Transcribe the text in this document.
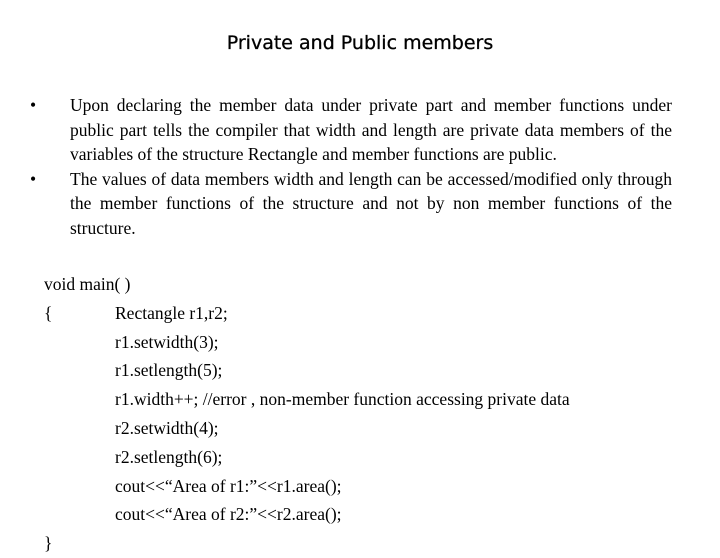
Private and Public members
•	Upon declaring the member data under private part and member functions under public part tells the compiler that width and length are private data members of the variables of the structure Rectangle and member functions are public.
•	The values of data members width and length can be accessed/modified only through the member functions of the structure and not by non member functions of the structure.
void main( )
{	Rectangle r1,r2;
r1.setwidth(3);
r1.setlength(5);
r1.width++; //error , non-member function accessing private data
r2.setwidth(4);
r2.setlength(6);
cout<<“Area of r1:”<<r1.area();
cout<<“Area of r2:”<<r2.area();
}
